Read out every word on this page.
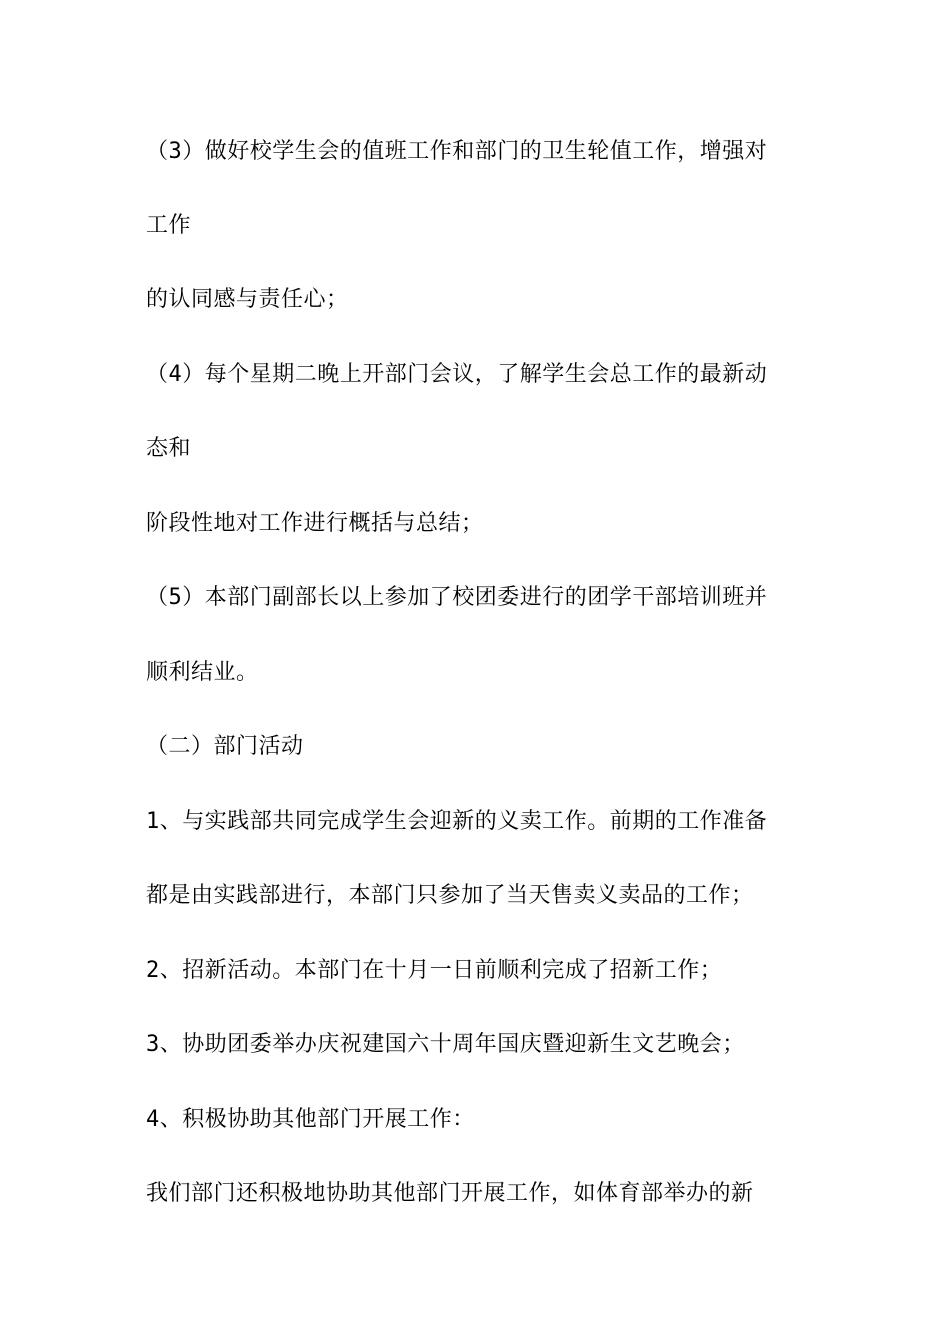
（3）做好校学生会的值班工作和部门的卫生轮值工作，增强对

工作

的认同感与责任心；

（4）每个星期二晚上开部门会议，了解学生会总工作的最新动

态和

阶段性地对工作进行概括与总结；

（5）本部门副部长以上参加了校团委进行的团学干部培训班并

顺利结业。

（二）部门活动

1、与实践部共同完成学生会迎新的义卖工作。前期的工作准备

都是由实践部进行，本部门只参加了当天售卖义卖品的工作；

2、招新活动。本部门在十月一日前顺利完成了招新工作；

3、协助团委举办庆祝建国六十周年国庆暨迎新生文艺晚会；

4、积极协助其他部门开展工作：

我们部门还积极地协助其他部门开展工作，如体育部举办的新
